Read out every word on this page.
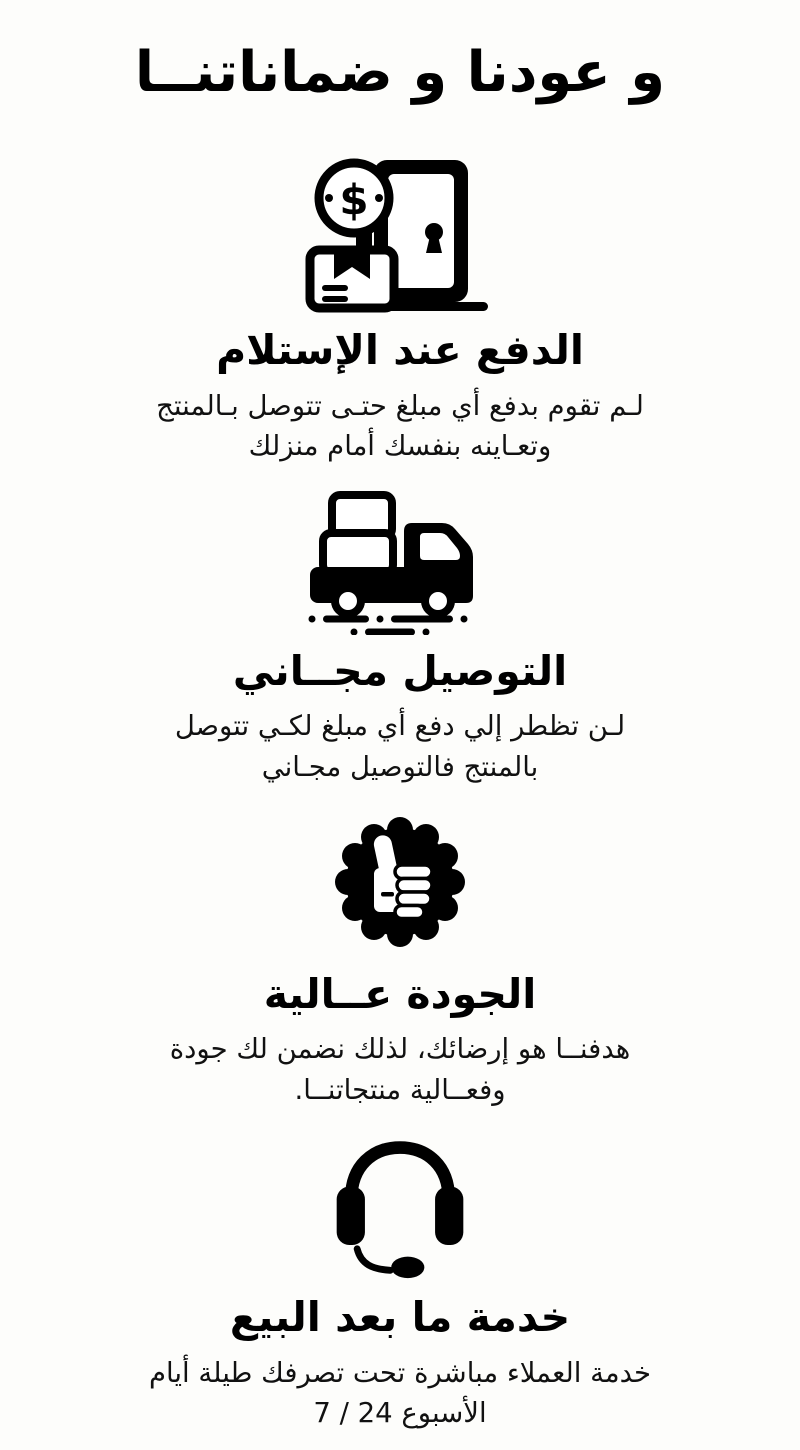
و عودنا و ضماناتنــا
$
الدفع عند الإستلام

لـم تقوم بدفع أي مبلغ حتـى تتوصل بـالمنتج
وتعـاينه بنفسك أمام منزلك

التوصيل مجــاني

لـن تظطر إلي دفع أي مبلغ لكـي تتوصل
بالمنتج فالتوصيل مجـاني

الجودة عــالية

هدفنــا هو إرضائك، لذلك نضمن لك جودة
وفعــالية منتجاتنــا.

خدمة ما بعد البيع

خدمة العملاء مباشرة تحت تصرفك طيلة أيام
الأسبوع 24 / 7
